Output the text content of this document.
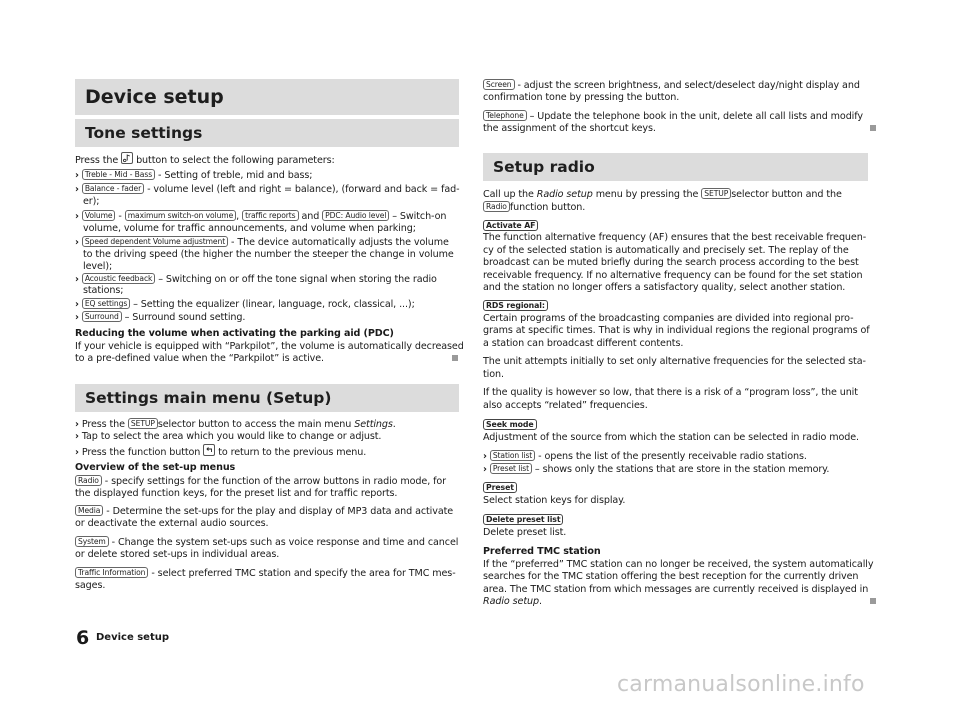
Device setup
Tone settings
Press the button to select the following parameters:
› Treble - Mid - Bass - Setting of treble, mid and bass;
› Balance - fader - volume level (left and right = balance), (forward and back = fad-
er);
› Volume - maximum switch-on volume , traffic reports and PDC: Audio level – Switch-on
volume, volume for traffic announcements, and volume when parking;
› Speed dependent Volume adjustment - The device automatically adjusts the volume
to the driving speed (the higher the number the steeper the change in volume
level);
› Acoustic feedback – Switching on or off the tone signal when storing the radio
stations;
› EQ settings – Setting the equalizer (linear, language, rock, classical, ...);
› Surround – Surround sound setting.
Reducing the volume when activating the parking aid (PDC)
If your vehicle is equipped with “Parkpilot”, the volume is automatically decreased
to a pre-defined value when the “Parkpilot” is active.
Settings main menu (Setup)
› Press the SETUP selector button to access the main menu Settings.
› Tap to select the area which you would like to change or adjust.
› Press the function button to return to the previous menu.
Overview of the set-up menus
Radio - specify settings for the function of the arrow buttons in radio mode, for
the displayed function keys, for the preset list and for traffic reports.
Media - Determine the set-ups for the play and display of MP3 data and activate
or deactivate the external audio sources.
System - Change the system set-ups such as voice response and time and cancel
or delete stored set-ups in individual areas.
Traffic Information - select preferred TMC station and specify the area for TMC mes-
sages.
Screen - adjust the screen brightness, and select/deselect day/night display and
confirmation tone by pressing the button.
Telephone – Update the telephone book in the unit, delete all call lists and modify
the assignment of the shortcut keys.
Setup radio
Call up the Radio setup menu by pressing the SETUP selector button and the
Radio function button.
Activate AF
The function alternative frequency (AF) ensures that the best receivable frequen-
cy of the selected station is automatically and precisely set. The replay of the
broadcast can be muted briefly during the search process according to the best
receivable frequency. If no alternative frequency can be found for the set station
and the station no longer offers a satisfactory quality, select another station.
RDS regional:
Certain programs of the broadcasting companies are divided into regional pro-
grams at specific times. That is why in individual regions the regional programs of
a station can broadcast different contents.
The unit attempts initially to set only alternative frequencies for the selected sta-
tion.
If the quality is however so low, that there is a risk of a “program loss”, the unit
also accepts “related” frequencies.
Seek mode
Adjustment of the source from which the station can be selected in radio mode.
› Station list - opens the list of the presently receivable radio stations.
› Preset list – shows only the stations that are store in the station memory.
Preset
Select station keys for display.
Delete preset list
Delete preset list.
Preferred TMC station
If the “preferred” TMC station can no longer be received, the system automatically
searches for the TMC station offering the best reception for the currently driven
area. The TMC station from which messages are currently received is displayed in
Radio setup.
6 Device setup
carmanualsonline.info
